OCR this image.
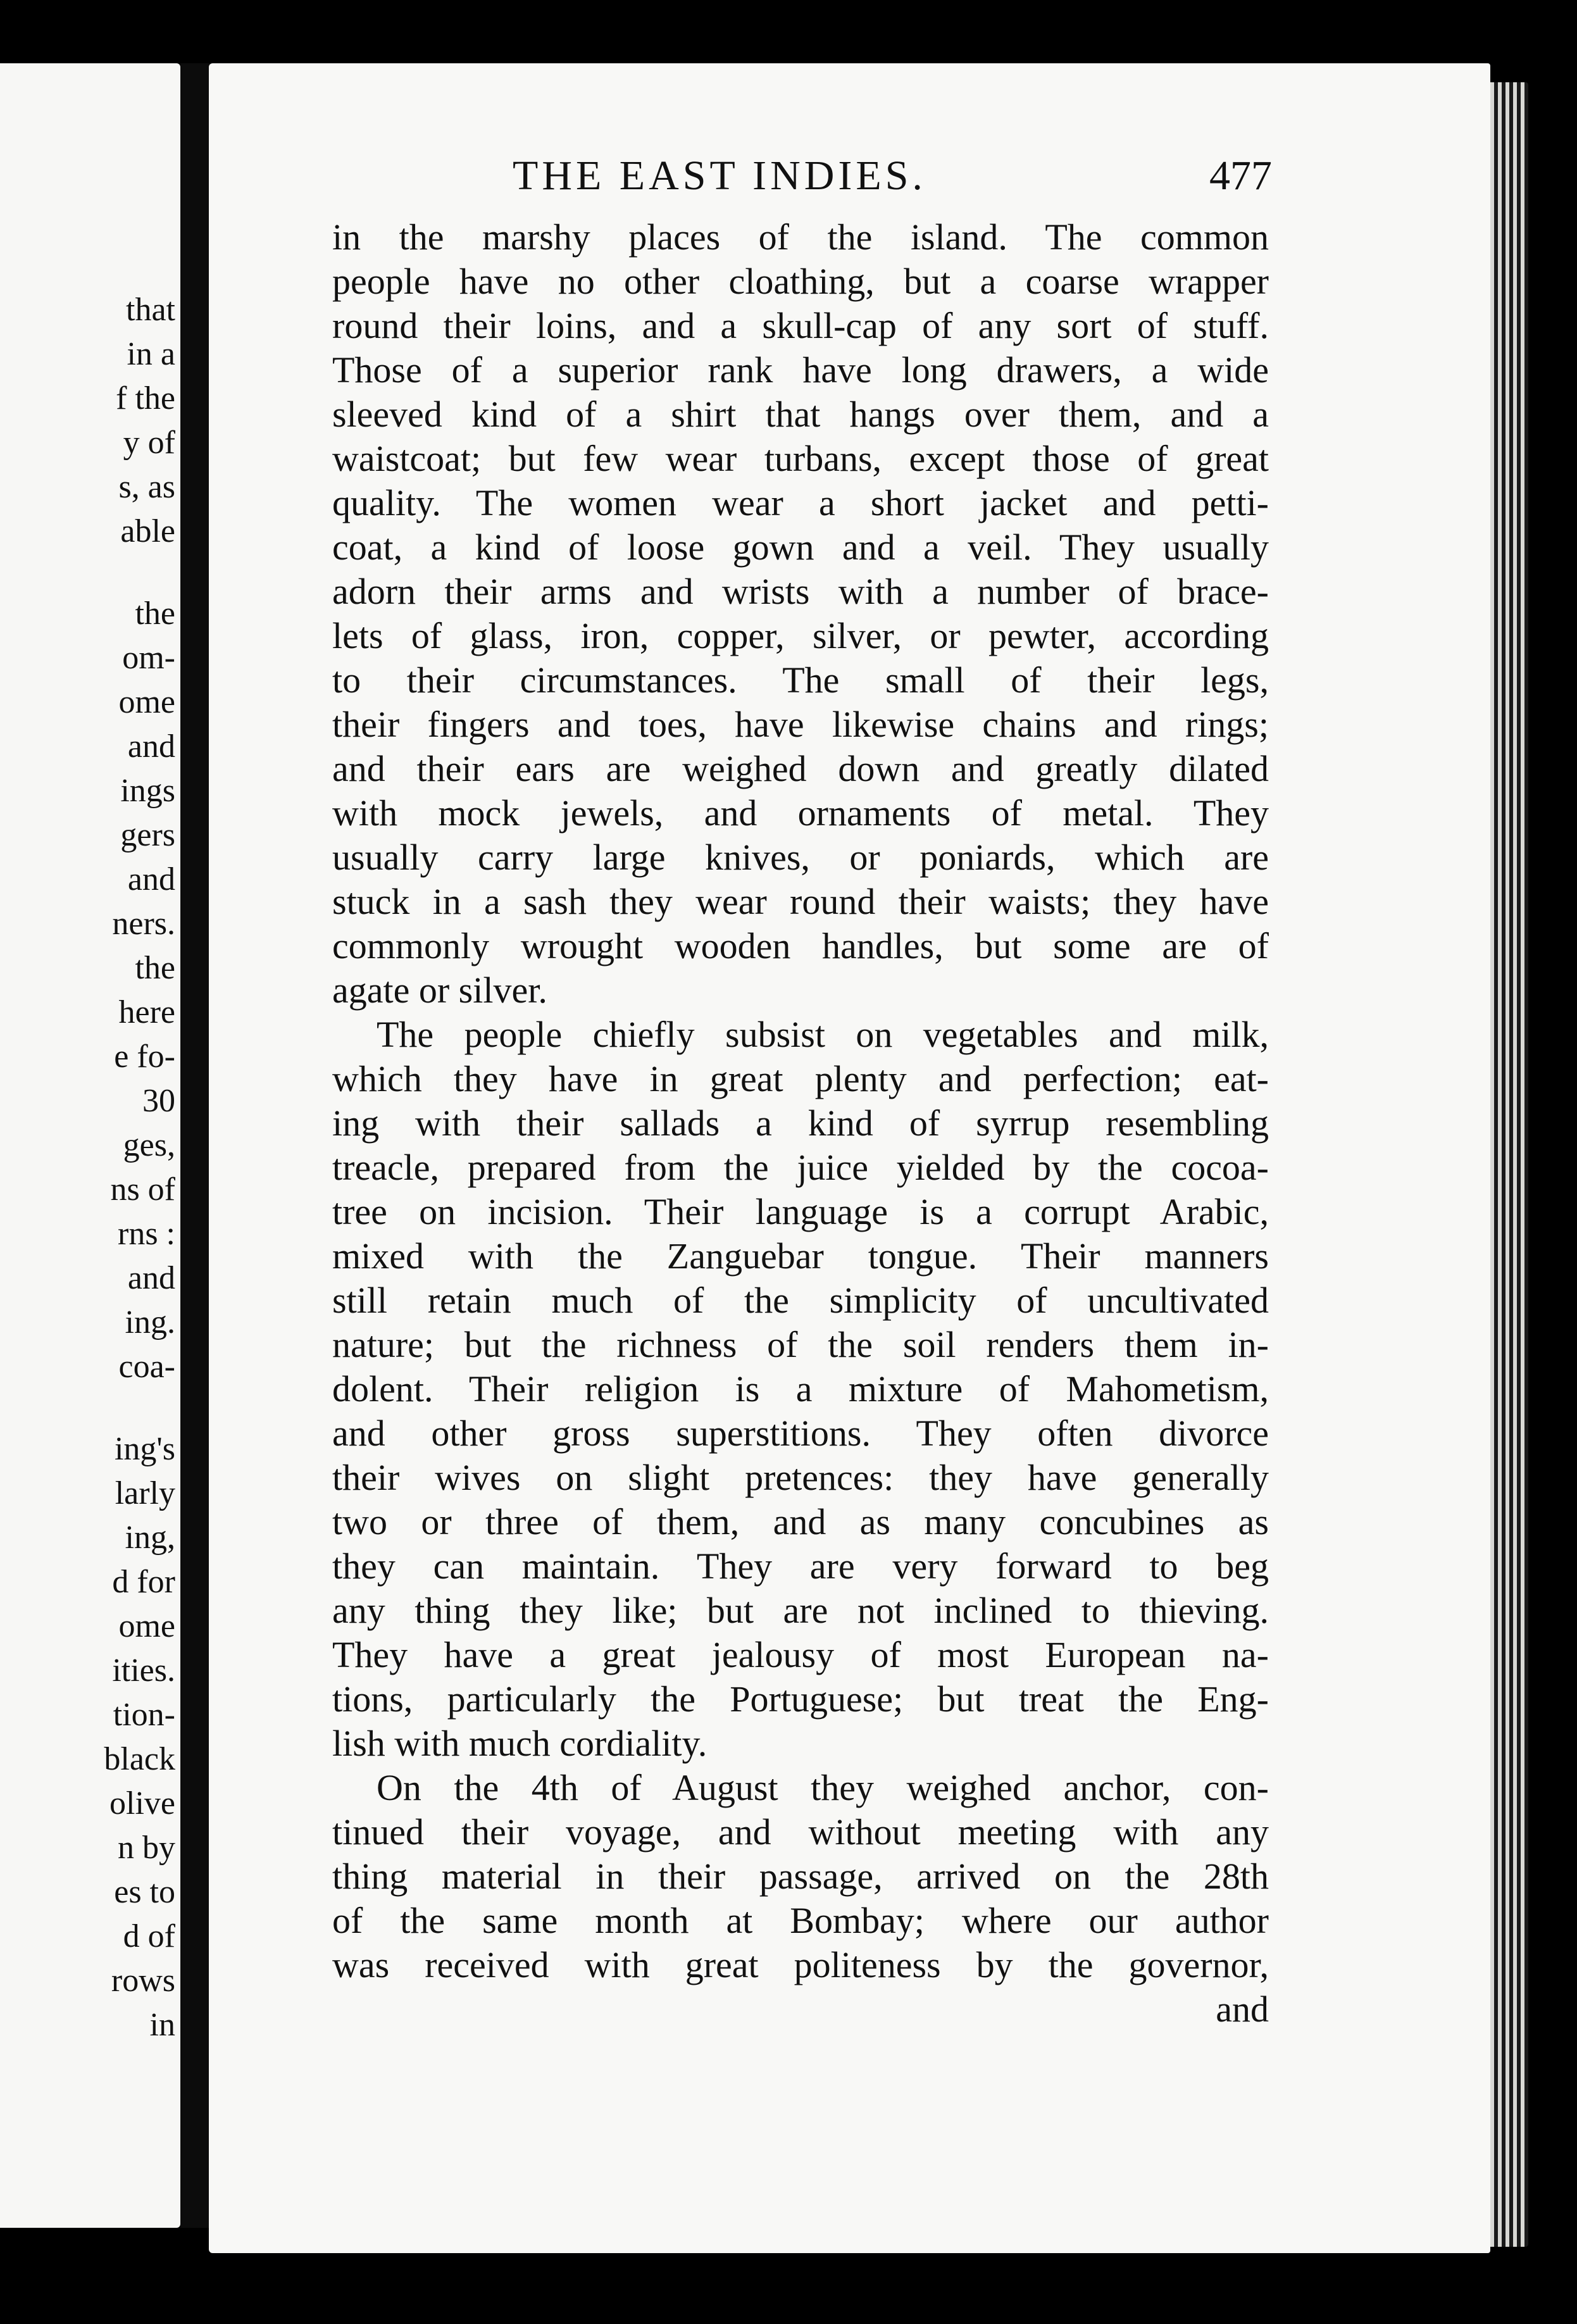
that

in a

f the

y of

s, as

able

the

om-

ome

and

ings

gers

and

ners.

the

here

e fo-

30

ges,

ns of

rns :

and

ing.

coa-

ing's

larly

ing,

d for

ome

ities.

tion-

black

olive

n by

es to

d of

rows

in

THE EAST INDIES.	477
in the marshy places of the island. The common
people have no other cloathing, but a coarse wrapper
round their loins, and a skull-cap of any sort of stuff.
Those of a superior rank have long drawers, a wide
sleeved kind of a shirt that hangs over them, and a
waistcoat; but few wear turbans, except those of great
quality. The women wear a short jacket and petti-
coat, a kind of loose gown and a veil. They usually
adorn their arms and wrists with a number of brace-
lets of glass, iron, copper, silver, or pewter, according
to their circumstances. The small of their legs,
their fingers and toes, have likewise chains and rings;
and their ears are weighed down and greatly dilated
with mock jewels, and ornaments of metal. They
usually carry large knives, or poniards, which are
stuck in a sash they wear round their waists; they have
commonly wrought wooden handles, but some are of
agate or silver.
The people chiefly subsist on vegetables and milk,
which they have in great plenty and perfection; eat-
ing with their sallads a kind of syrrup resembling
treacle, prepared from the juice yielded by the cocoa-
tree on incision. Their language is a corrupt Arabic,
mixed with the Zanguebar tongue. Their manners
still retain much of the simplicity of uncultivated
nature; but the richness of the soil renders them in-
dolent. Their religion is a mixture of Mahometism,
and other gross superstitions. They often divorce
their wives on slight pretences: they have generally
two or three of them, and as many concubines as
they can maintain. They are very forward to beg
any thing they like; but are not inclined to thieving.
They have a great jealousy of most European na-
tions, particularly the Portuguese; but treat the Eng-
lish with much cordiality.
On the 4th of August they weighed anchor, con-
tinued their voyage, and without meeting with any
thing material in their passage, arrived on the 28th
of the same month at Bombay; where our author
was received with great politeness by the governor,
and
